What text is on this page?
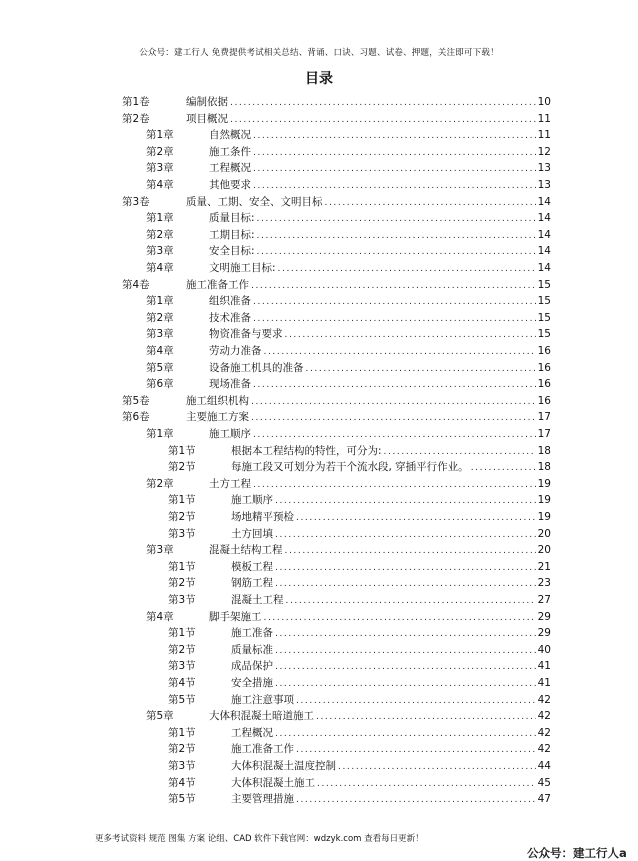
公众号：建工行人 免费提供考试相关总结、背诵、口诀、习题、试卷、押题，关注即可下载！
目录
第1卷	编制依据 .....	10
第2卷	项目概况 .....	11
第1章	自然概况 .....	11
第2章	施工条件 .....	12
第3章	工程概况 .....	13
第4章	其他要求 .....	13
第3卷	质量、工期、安全、文明目标 .....	14
第1章	质量目标: .....	14
第2章	工期目标: .....	14
第3章	安全目标: .....	14
第4章	文明施工目标: .....	14
第4卷	施工准备工作 .....	15
第1章	组织准备 .....	15
第2章	技术准备 .....	15
第3章	物资准备与要求 .....	15
第4章	劳动力准备 .....	16
第5章	设备施工机具的准备 .....	16
第6章	现场准备 .....	16
第5卷	施工组织机构 .....	16
第6卷	主要施工方案 .....	17
第1章	施工顺序 .....	17
第1节	根据本工程结构的特性，可分为: .....	18
第2节	每施工段又可划分为若干个流水段, 穿插平行作业。 .....	18
第2章	土方工程 .....	19
第1节	施工顺序 .....	19
第2节	场地精平预检 .....	19
第3节	土方回填 .....	20
第3章	混凝土结构工程 .....	20
第1节	模板工程 .....	21
第2节	钢筋工程 .....	23
第3节	混凝土工程 .....	27
第4章	脚手架施工 .....	29
第1节	施工准备 .....	29
第2节	质量标准 .....	40
第3节	成品保护 .....	41
第4节	安全措施 .....	41
第5节	施工注意事项 .....	42
第5章	大体积混凝土暗道施工 .....	42
第1节	工程概况 .....	42
第2节	施工准备工作 .....	42
第3节	大体积混凝土温度控制 .....	44
第4节	大体积混凝土施工 .....	45
第5节	主要管理措施 .....	47
更多考试资料 规范 图集 方案 论组、CAD 软件下载官网：wdzyk.com 查看每日更新！
公众号：建工行人a
